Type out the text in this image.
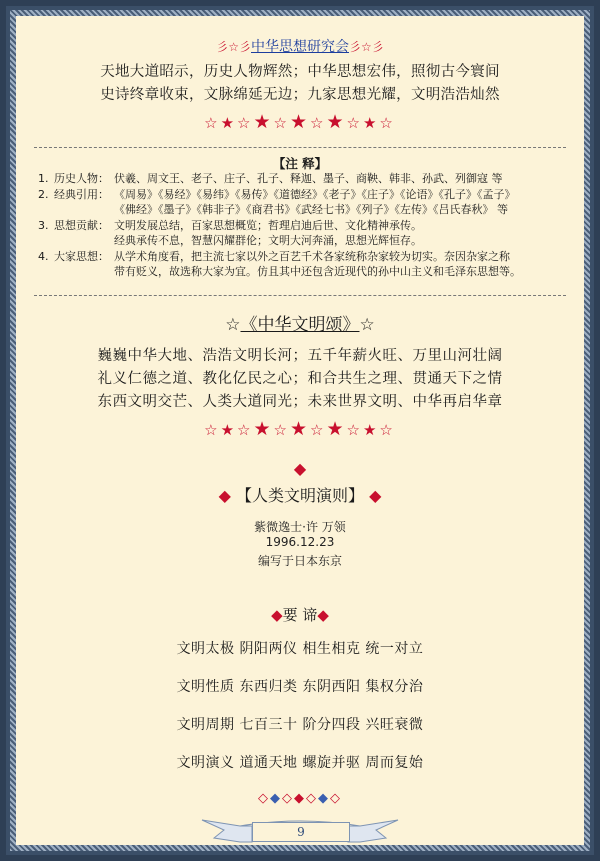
彡☆彡中华思想研究会彡☆彡
天地大道昭示，历史人物辉然；中华思想宏伟，照彻古今寰间
史诗终章收束，文脉绵延无边；九家思想光耀，文明浩浩灿然
☆★☆★☆★☆★☆★☆
【注 释】
1. 历史人物： 伏羲、周文王、老子、庄子、孔子、释迦、墨子、商鞅、韩非、孙武、列御寇 等
2. 经典引用： 《周易》《易经》《易纬》《易传》《道德经》《老子》《庄子》《论语》《孔子》《孟子》
《佛经》《墨子》《韩非子》《商君书》《武经七书》《列子》《左传》《吕氏春秋》 等
3. 思想贡献： 文明发展总结，百家思想概览；哲理启迪后世、文化精神承传。
经典承传不息，智慧闪耀群伦；文明大河奔涌，思想光辉恒存。
4. 大家思想： 从学术角度看，把主流七家以外之百艺千术各家统称杂家较为切实。奈因杂家之称
带有贬义，故选称大家为宜。仿且其中还包含近现代的孙中山主义和毛泽东思想等。
☆《中华文明颂》☆
巍巍中华大地、浩浩文明长河；五千年薪火旺、万里山河壮阔
礼义仁德之道、教化亿民之心；和合共生之理、贯通天下之情
东西文明交芒、人类大道同光；未来世界文明、中华再启华章
☆★☆★☆★☆★☆★☆
◆
◆ 【人类文明演则】 ◆
紫微逸士·许 万领
1996.12.23
编写于日本东京
◆要 谛◆
文明太极 阴阳两仪 相生相克 统一对立
文明性质 东西归类 东阴西阳 集权分治
文明周期 七百三十 阶分四段 兴旺衰微
文明演义 道通天地 螺旋并驱 周而复始
◇◆◇◆◇◆◇
9
